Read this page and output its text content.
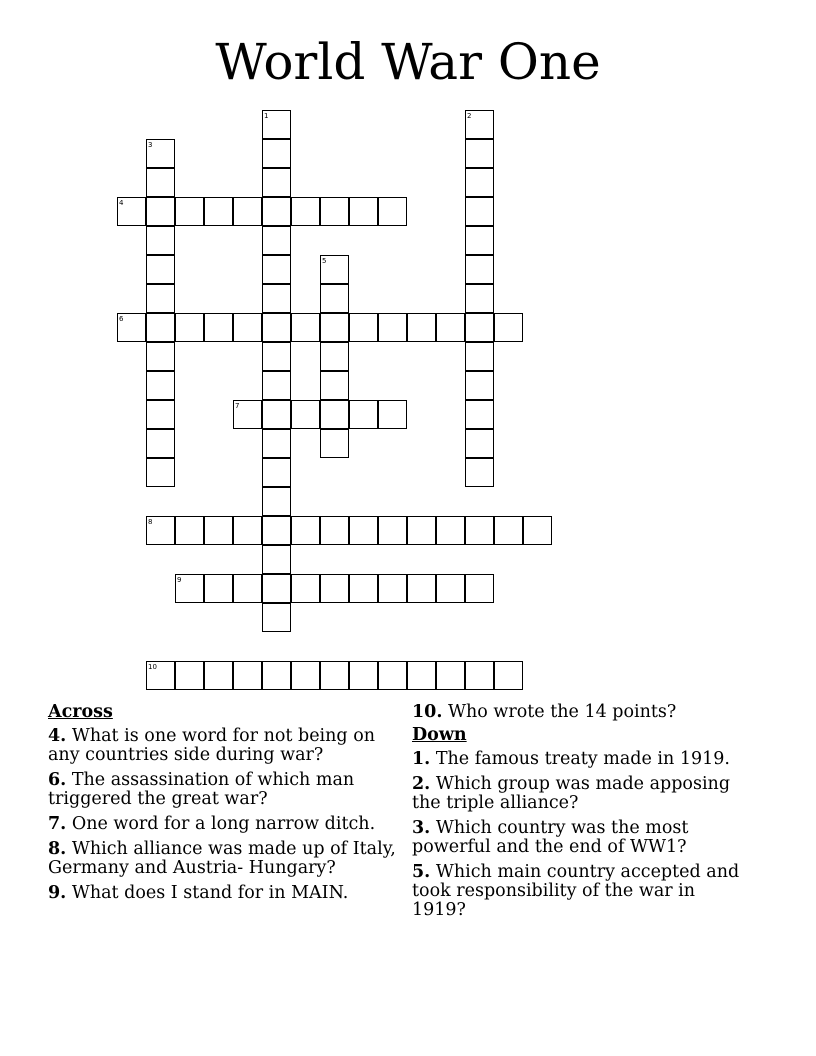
World War One
1	2
3
4
5
6
7
8
9
10
Across
4. What is one word for not being on any countries side during war?
6. The assassination of which man triggered the great war?
7. One word for a long narrow ditch.
8. Which alliance was made up of Italy, Germany and Austria- Hungary?
9. What does I stand for in MAIN.
10. Who wrote the 14 points?
Down
1. The famous treaty made in 1919.
2. Which group was made apposing the triple alliance?
3. Which country was the most powerful and the end of WW1?
5. Which main country accepted and took responsibility of the war in 1919?
